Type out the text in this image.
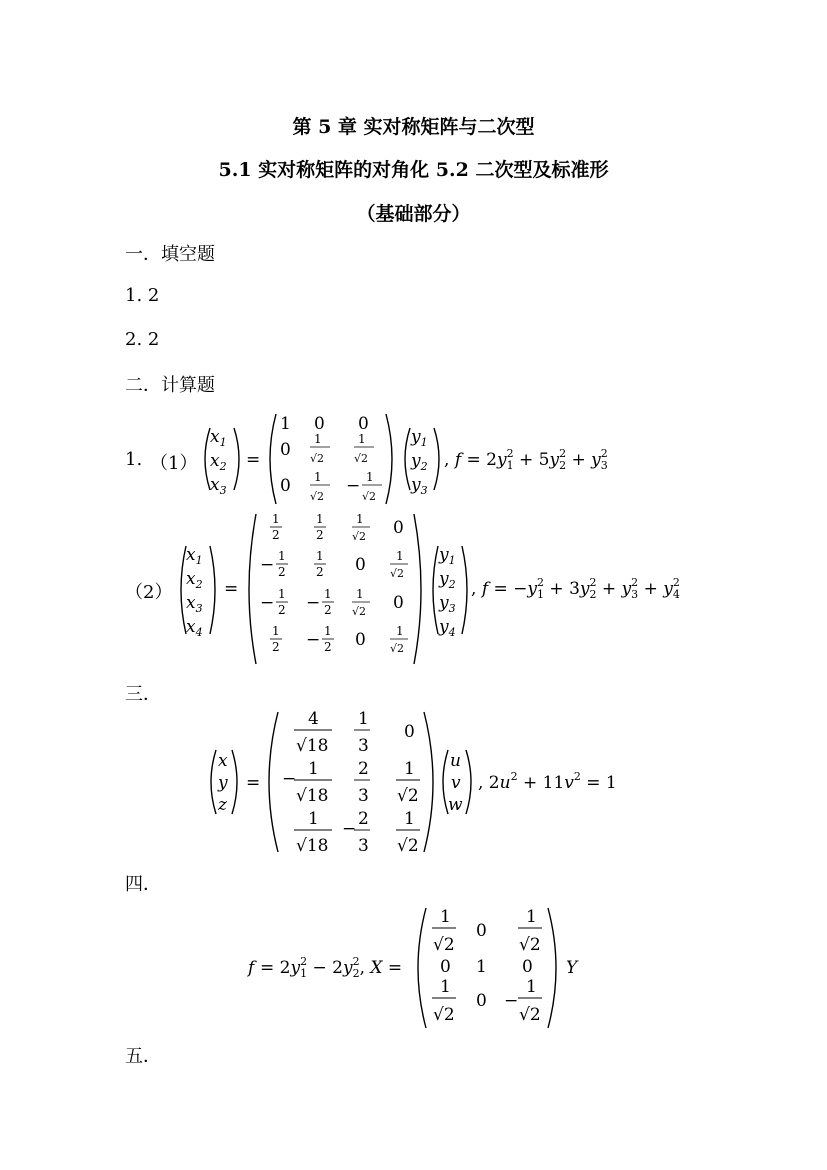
第 5 章 实对称矩阵与二次型
5.1 实对称矩阵的对角化 5.2 二次型及标准形
（基础部分）
一．填空题
1. 2
2. 2
二．计算题
1. （1）
（2）
三．
四．
五．
$x_1$
$x_2$
$x_3$
=
1 0 0
0
1
√2
1
√2
0 1
√2
− 1
√2
$y_1$
$y_2$
$y_3$
, $f = 2y^2$ $1 + 5y^2$ $2 + y^2$ 3
$x_1$
$x_2$
$x_3$
$x_4$
=
1
2
1
2
1
√2 0
− 1
2
1
2 0	1
√2
− 1
2 − 1
2
1
√2 0
1
2 − 1
2 0	1
√2
$y_1$
$y_2$
$y_3$
$y_4$
, $f = -y^2$ $1 + 3y^2$ $2 + y^2$ $3 + y^2$ 4
x
y
z
=
4
√18
1
3
0
− 1
√18
2
3
1
√2
1
√18
− 2
3
1
√2
u
v
w
, $2u^2 + 11v^2 = 1$
$f = 2y^2$ $1 - 2y^2$ 2, X =
1
√2
0
1
√2
0 1 0
1
√2
0 −
1
√2
Y
